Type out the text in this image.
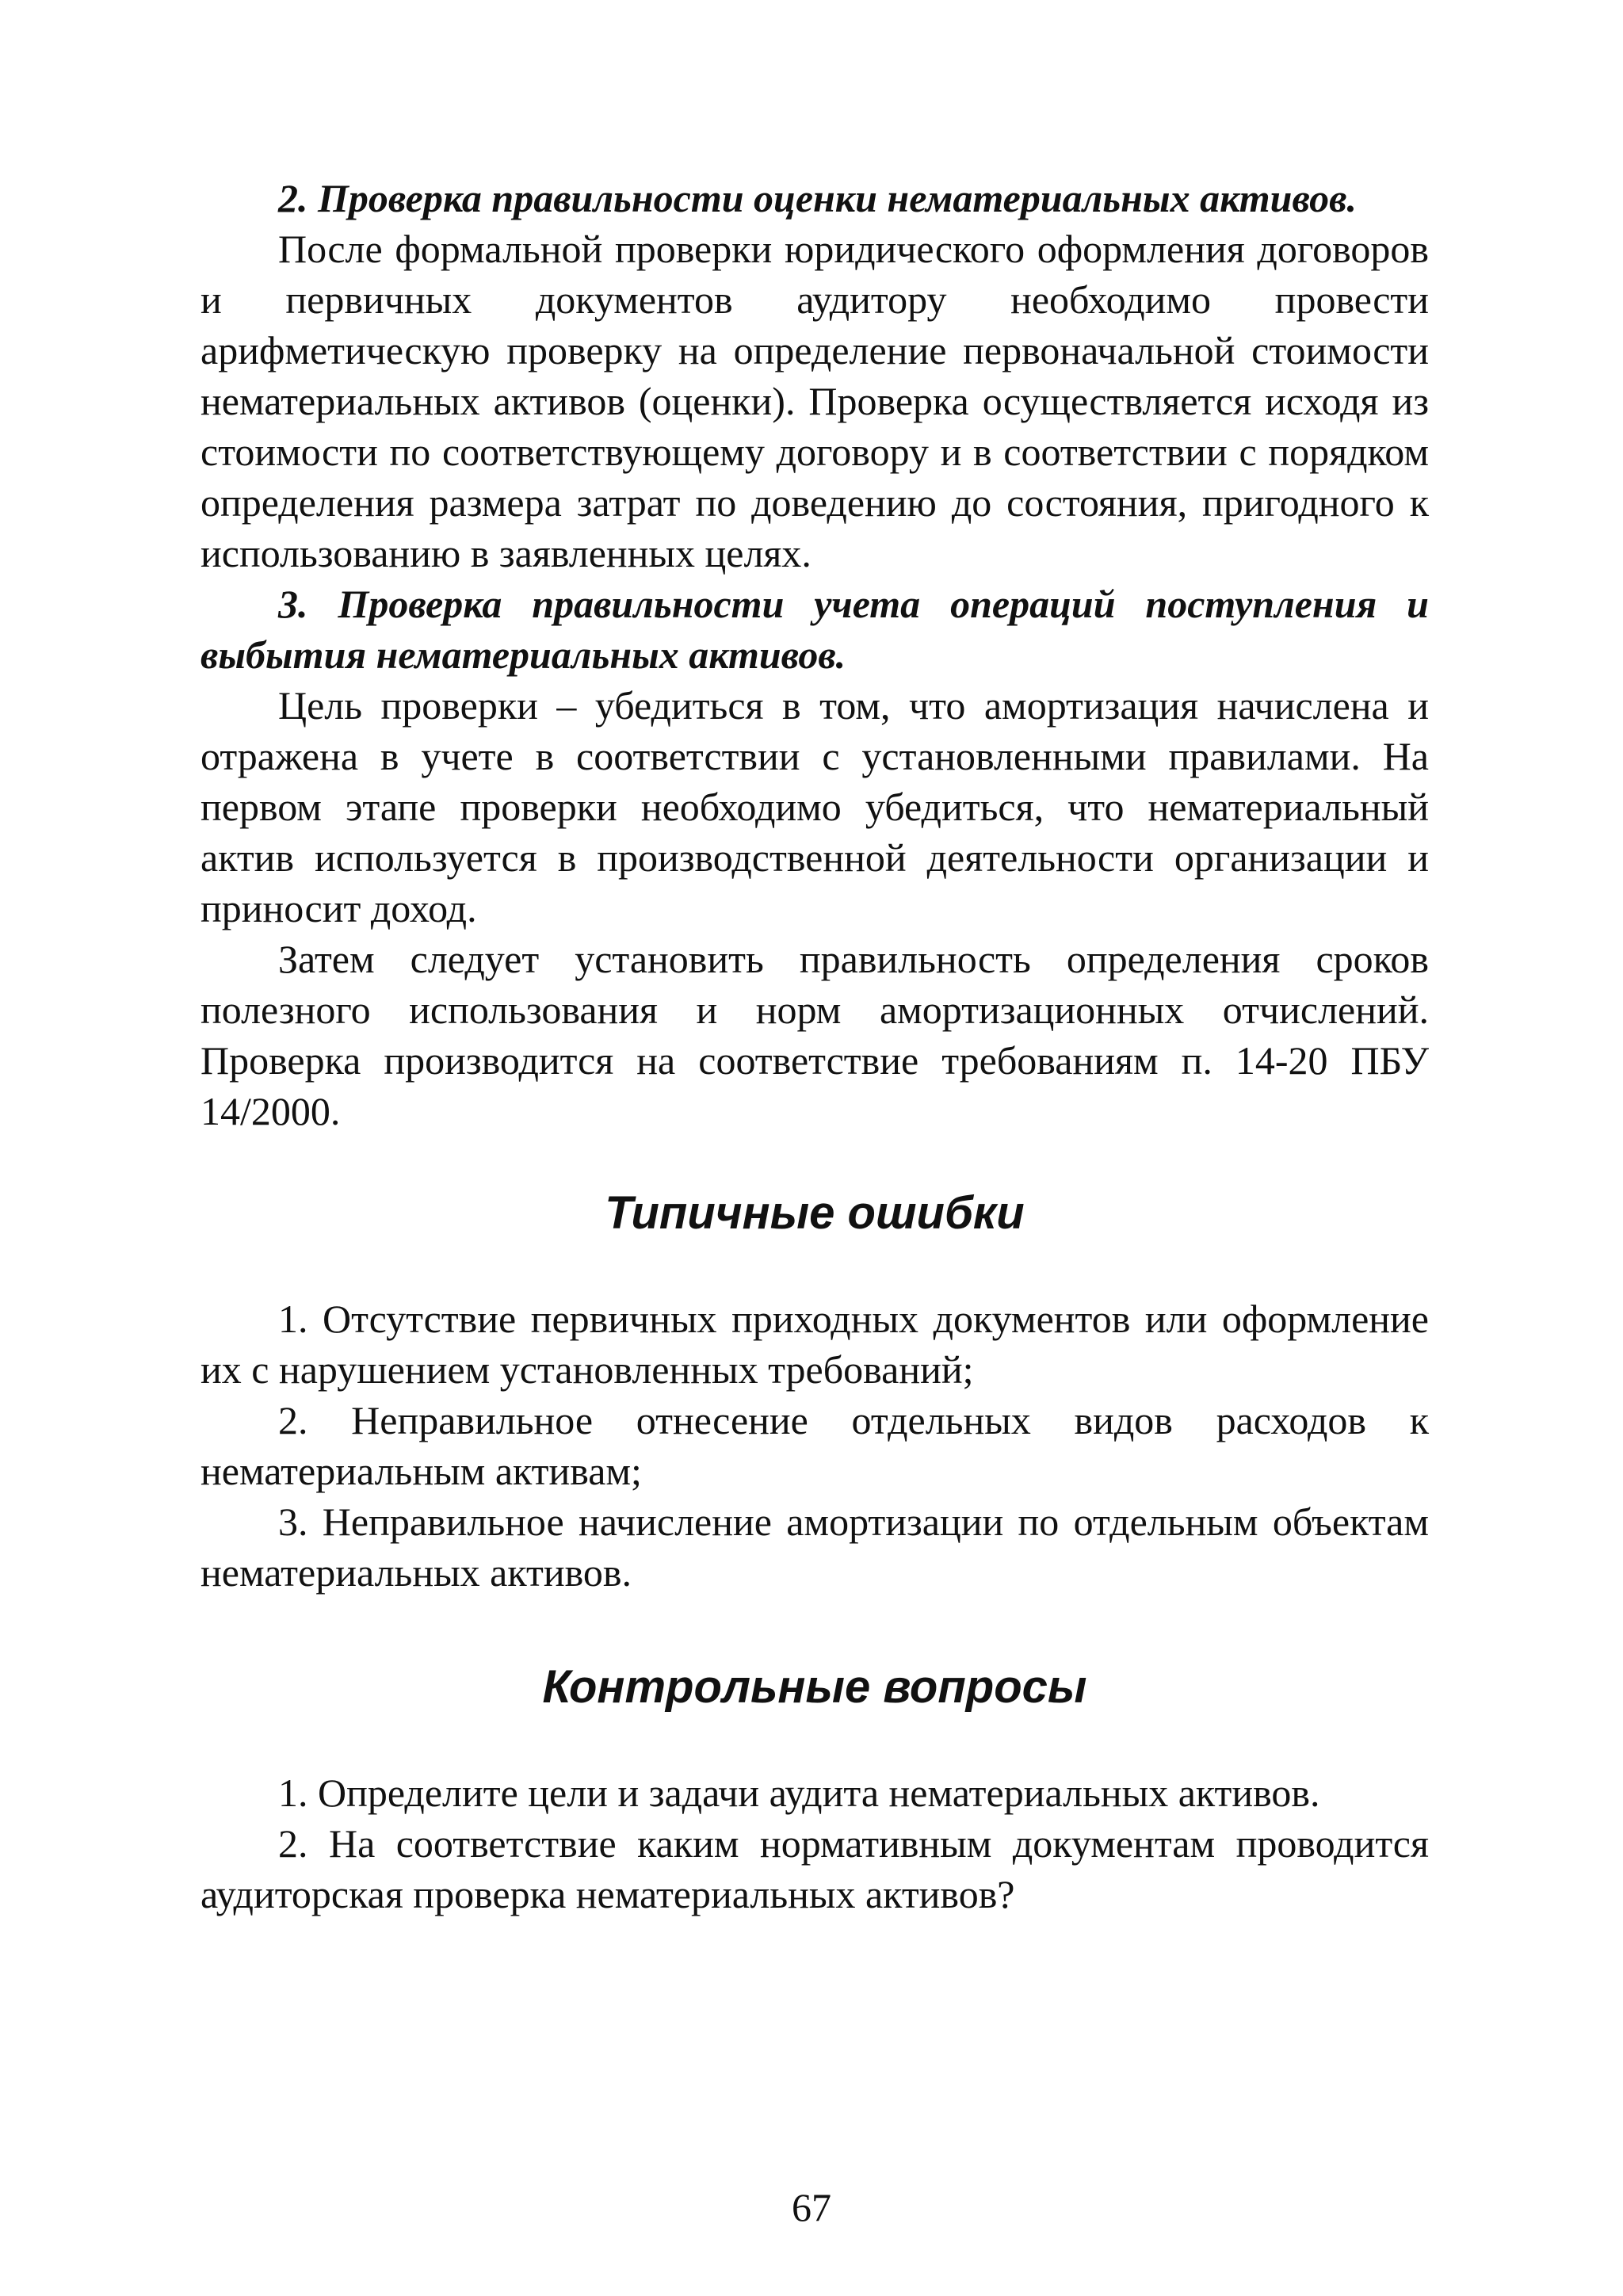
2. Проверка правильности оценки нематериальных активов.

После формальной проверки юридического оформления договоров и первичных документов аудитору необходимо провести арифметическую проверку на определение первоначальной стоимости нематериальных активов (оценки). Проверка осуществляется исходя из стоимости по соответствующему договору и в соответствии с порядком определения размера затрат по доведению до состояния, пригодного к использованию в заявленных целях.

3. Проверка правильности учета операций поступления и выбытия нематериальных активов.

Цель проверки – убедиться в том, что амортизация начислена и отражена в учете в соответствии с установленными правилами. На первом этапе проверки необходимо убедиться, что нематериальный актив используется в производственной деятельности организации и приносит доход.

Затем следует установить правильность определения сроков полезного использования и норм амортизационных отчислений. Проверка производится на соответствие требованиям п. 14-20 ПБУ 14/2000.

Типичные ошибки

1. Отсутствие первичных приходных документов или оформление их с нарушением установленных требований;

2. Неправильное отнесение отдельных видов расходов к нематериальным активам;

3. Неправильное начисление амортизации по отдельным объектам нематериальных активов.

Контрольные вопросы

1. Определите цели и задачи аудита нематериальных активов.

2. На соответствие каким нормативным документам проводится аудиторская проверка нематериальных активов?

67
